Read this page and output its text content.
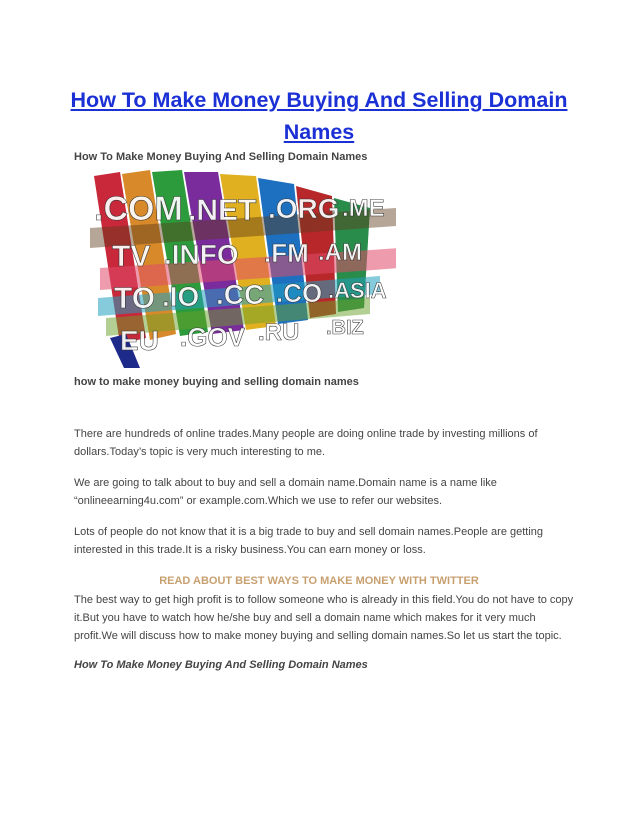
How To Make Money Buying And Selling Domain Names

How To Make Money Buying And Selling Domain Names

.COM .NET .ORG .ME
TV .INFO .FM .AM
TO .IO .CC .CO .ASIA
EU .GOV .RU .BIZ

how to make money buying and selling domain names

There are hundreds of online trades.Many people are doing online trade by investing millions of dollars.Today’s topic is very much interesting to me.

We are going to talk about to buy and sell a domain name.Domain name is a name like “onlineearning4u.com” or example.com.Which we use to refer our websites.

Lots of people do not know that it is a big trade to buy and sell domain names.People are getting interested in this trade.It is a risky business.You can earn money or loss.

READ ABOUT BEST WAYS TO MAKE MONEY WITH TWITTER

The best way to get high profit is to follow someone who is already in this field.You do not have to copy it.But you have to watch how he/she buy and sell a domain name which makes for it very much profit.We will discuss how to make money buying and selling domain names.So let us start the topic.

How To Make Money Buying And Selling Domain Names
